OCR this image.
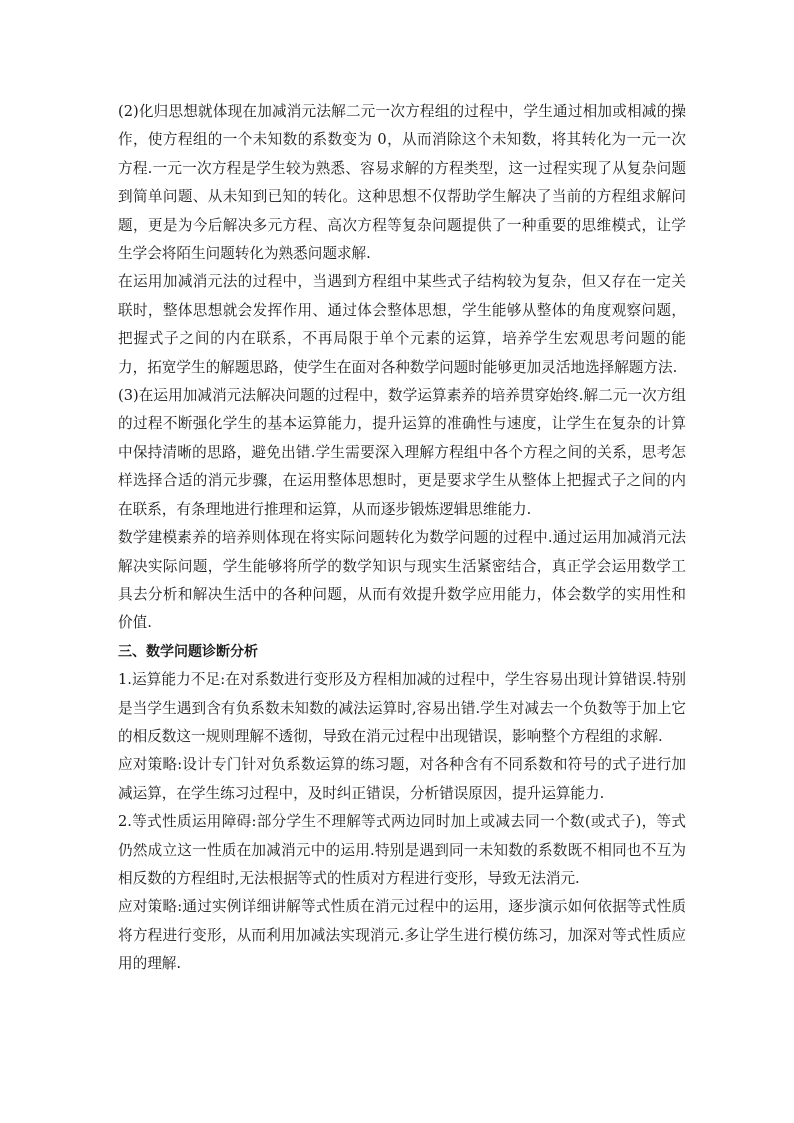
(2)化归思想就体现在加减消元法解二元一次方程组的过程中，学生通过相加或相减的操作，使方程组的一个未知数的系数变为 0，从而消除这个未知数，将其转化为一元一次方程.一元一次方程是学生较为熟悉、容易求解的方程类型，这一过程实现了从复杂问题到简单问题、从未知到已知的转化。这种思想不仅帮助学生解决了当前的方程组求解问题，更是为今后解决多元方程、高次方程等复杂问题提供了一种重要的思维模式，让学生学会将陌生问题转化为熟悉问题求解.

在运用加减消元法的过程中，当遇到方程组中某些式子结构较为复杂，但又存在一定关联时，整体思想就会发挥作用、通过体会整体思想，学生能够从整体的角度观察问题，把握式子之间的内在联系，不再局限于单个元素的运算，培养学生宏观思考问题的能力，拓宽学生的解题思路，使学生在面对各种数学问题时能够更加灵活地选择解题方法.

(3)在运用加减消元法解决问题的过程中，数学运算素养的培养贯穿始终.解二元一次方组的过程不断强化学生的基本运算能力，提升运算的准确性与速度，让学生在复杂的计算中保持清晰的思路，避免出错.学生需要深入理解方程组中各个方程之间的关系，思考怎样选择合适的消元步骤，在运用整体思想时，更是要求学生从整体上把握式子之间的内在联系，有条理地进行推理和运算，从而逐步锻炼逻辑思维能力.

数学建模素养的培养则体现在将实际问题转化为数学问题的过程中.通过运用加减消元法解决实际问题，学生能够将所学的数学知识与现实生活紧密结合，真正学会运用数学工具去分析和解决生活中的各种问题，从而有效提升数学应用能力，体会数学的实用性和价值.

三、数学问题诊断分析

1.运算能力不足:在对系数进行变形及方程相加减的过程中，学生容易出现计算错误.特别是当学生遇到含有负系数未知数的减法运算时,容易出错.学生对减去一个负数等于加上它的相反数这一规则理解不透彻，导致在消元过程中出现错误，影响整个方程组的求解.

应对策略:设计专门针对负系数运算的练习题，对各种含有不同系数和符号的式子进行加减运算，在学生练习过程中，及时纠正错误，分析错误原因，提升运算能力.

2.等式性质运用障碍:部分学生不理解等式两边同时加上或减去同一个数(或式子)，等式仍然成立这一性质在加减消元中的运用.特别是遇到同一未知数的系数既不相同也不互为相反数的方程组时,无法根据等式的性质对方程进行变形，导致无法消元.

应对策略:通过实例详细讲解等式性质在消元过程中的运用，逐步演示如何依据等式性质将方程进行变形，从而利用加减法实现消元.多让学生进行模仿练习，加深对等式性质应用的理解.
